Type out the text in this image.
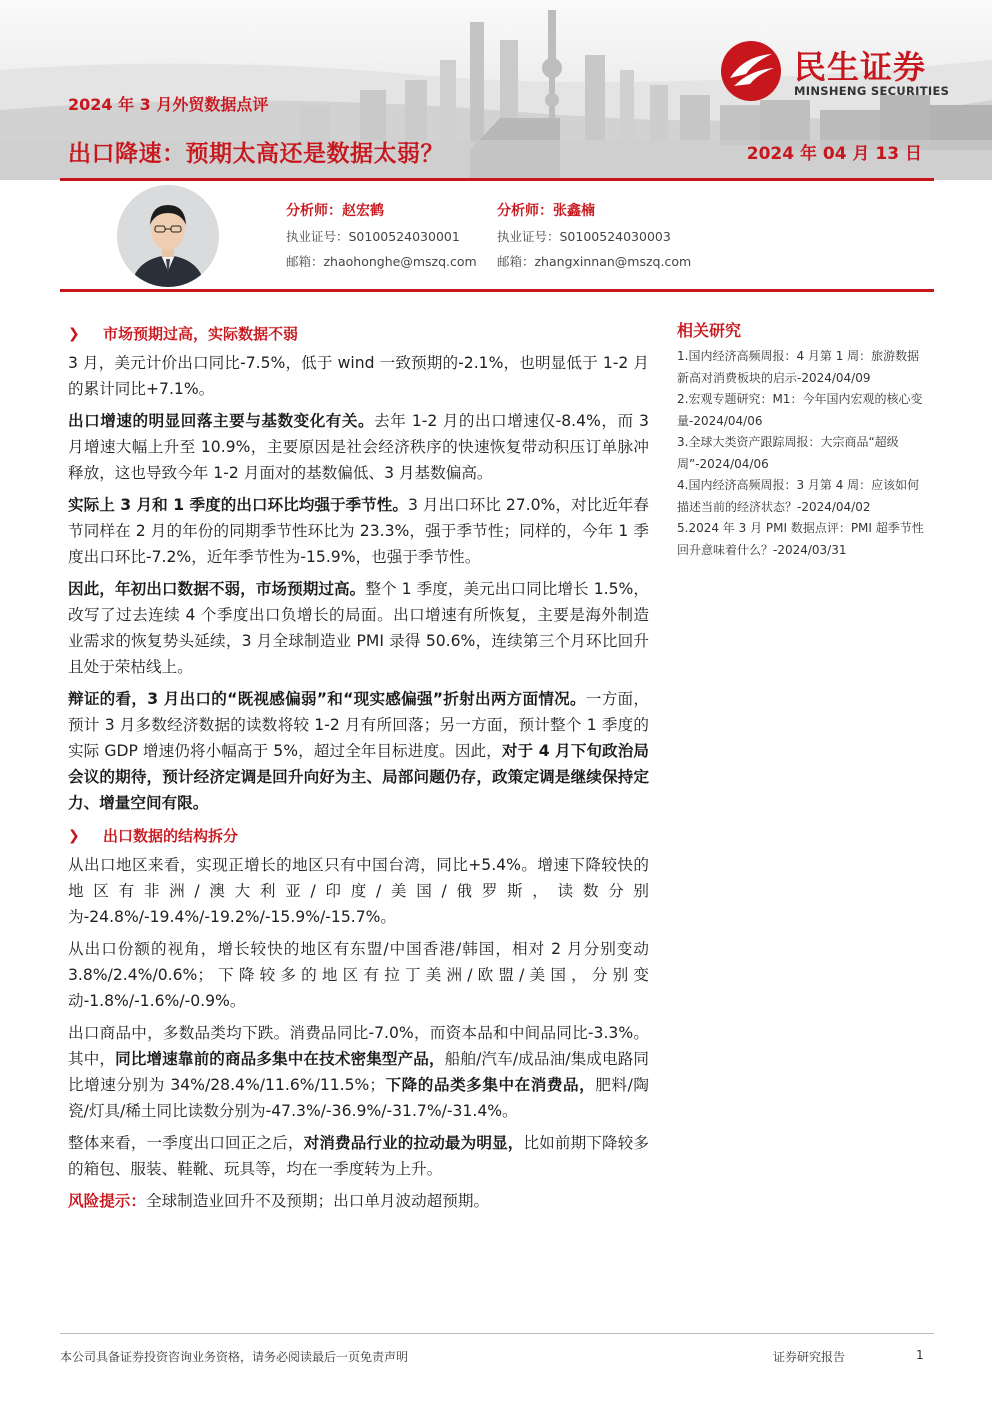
2024 年 3 月外贸数据点评
出口降速：预期太高还是数据太弱？	2024 年 04 月 13 日
民生证券
MINSHENG SECURITIES
分析师：赵宏鹤
执业证号：S0100524030001
邮箱：zhaohonghe@mszq.com
分析师：张鑫楠
执业证号：S0100524030003
邮箱：zhangxinnan@mszq.com
❯ 市场预期过高，实际数据不弱

3 月，美元计价出口同比-7.5%，低于 wind 一致预期的-2.1%，也明显低于 1-2 月的累计同比+7.1%。

出口增速的明显回落主要与基数变化有关。去年 1-2 月的出口增速仅-8.4%，而 3 月增速大幅上升至 10.9%，主要原因是社会经济秩序的快速恢复带动积压订单脉冲释放，这也导致今年 1-2 月面对的基数偏低、3 月基数偏高。

实际上 3 月和 1 季度的出口环比均强于季节性。3 月出口环比 27.0%，对比近年春节同样在 2 月的年份的同期季节性环比为 23.3%，强于季节性；同样的，今年 1 季度出口环比-7.2%，近年季节性为-15.9%，也强于季节性。

因此，年初出口数据不弱，市场预期过高。整个 1 季度，美元出口同比增长 1.5%，改写了过去连续 4 个季度出口负增长的局面。出口增速有所恢复，主要是海外制造业需求的恢复势头延续，3 月全球制造业 PMI 录得 50.6%，连续第三个月环比回升且处于荣枯线上。

辩证的看，3 月出口的“既视感偏弱”和“现实感偏强”折射出两方面情况。一方面，预计 3 月多数经济数据的读数将较 1-2 月有所回落；另一方面，预计整个 1 季度的实际 GDP 增速仍将小幅高于 5%，超过全年目标进度。因此，对于 4 月下旬政治局会议的期待，预计经济定调是回升向好为主、局部问题仍存，政策定调是继续保持定力、增量空间有限。

❯ 出口数据的结构拆分

从出口地区来看，实现正增长的地区只有中国台湾，同比+5.4%。增速下降较快的地区有非洲/澳大利亚/印度/美国/俄罗斯，读数分别为-24.8%/-19.4%/-19.2%/-15.9%/-15.7%。

从出口份额的视角，增长较快的地区有东盟/中国香港/韩国，相对 2 月分别变动 3.8%/2.4%/0.6%；下降较多的地区有拉丁美洲/欧盟/美国，分别变动-1.8%/-1.6%/-0.9%。

出口商品中，多数品类均下跌。消费品同比-7.0%，而资本品和中间品同比-3.3%。其中，同比增速靠前的商品多集中在技术密集型产品，船舶/汽车/成品油/集成电路同比增速分别为 34%/28.4%/11.6%/11.5%；下降的品类多集中在消费品，肥料/陶瓷/灯具/稀土同比读数分别为-47.3%/-36.9%/-31.7%/-31.4%。

整体来看，一季度出口回正之后，对消费品行业的拉动最为明显，比如前期下降较多的箱包、服装、鞋靴、玩具等，均在一季度转为上升。

风险提示：全球制造业回升不及预期；出口单月波动超预期。

相关研究
1.国内经济高频周报：4 月第 1 周：旅游数据新高对消费板块的启示-2024/04/09
2.宏观专题研究：M1：今年国内宏观的核心变量-2024/04/06
3.全球大类资产跟踪周报：大宗商品“超级周”-2024/04/06
4.国内经济高频周报：3 月第 4 周：应该如何描述当前的经济状态？-2024/04/02
5.2024 年 3 月 PMI 数据点评：PMI 超季节性回升意味着什么？-2024/03/31
本公司具备证券投资咨询业务资格，请务必阅读最后一页免责声明	证券研究报告	1
